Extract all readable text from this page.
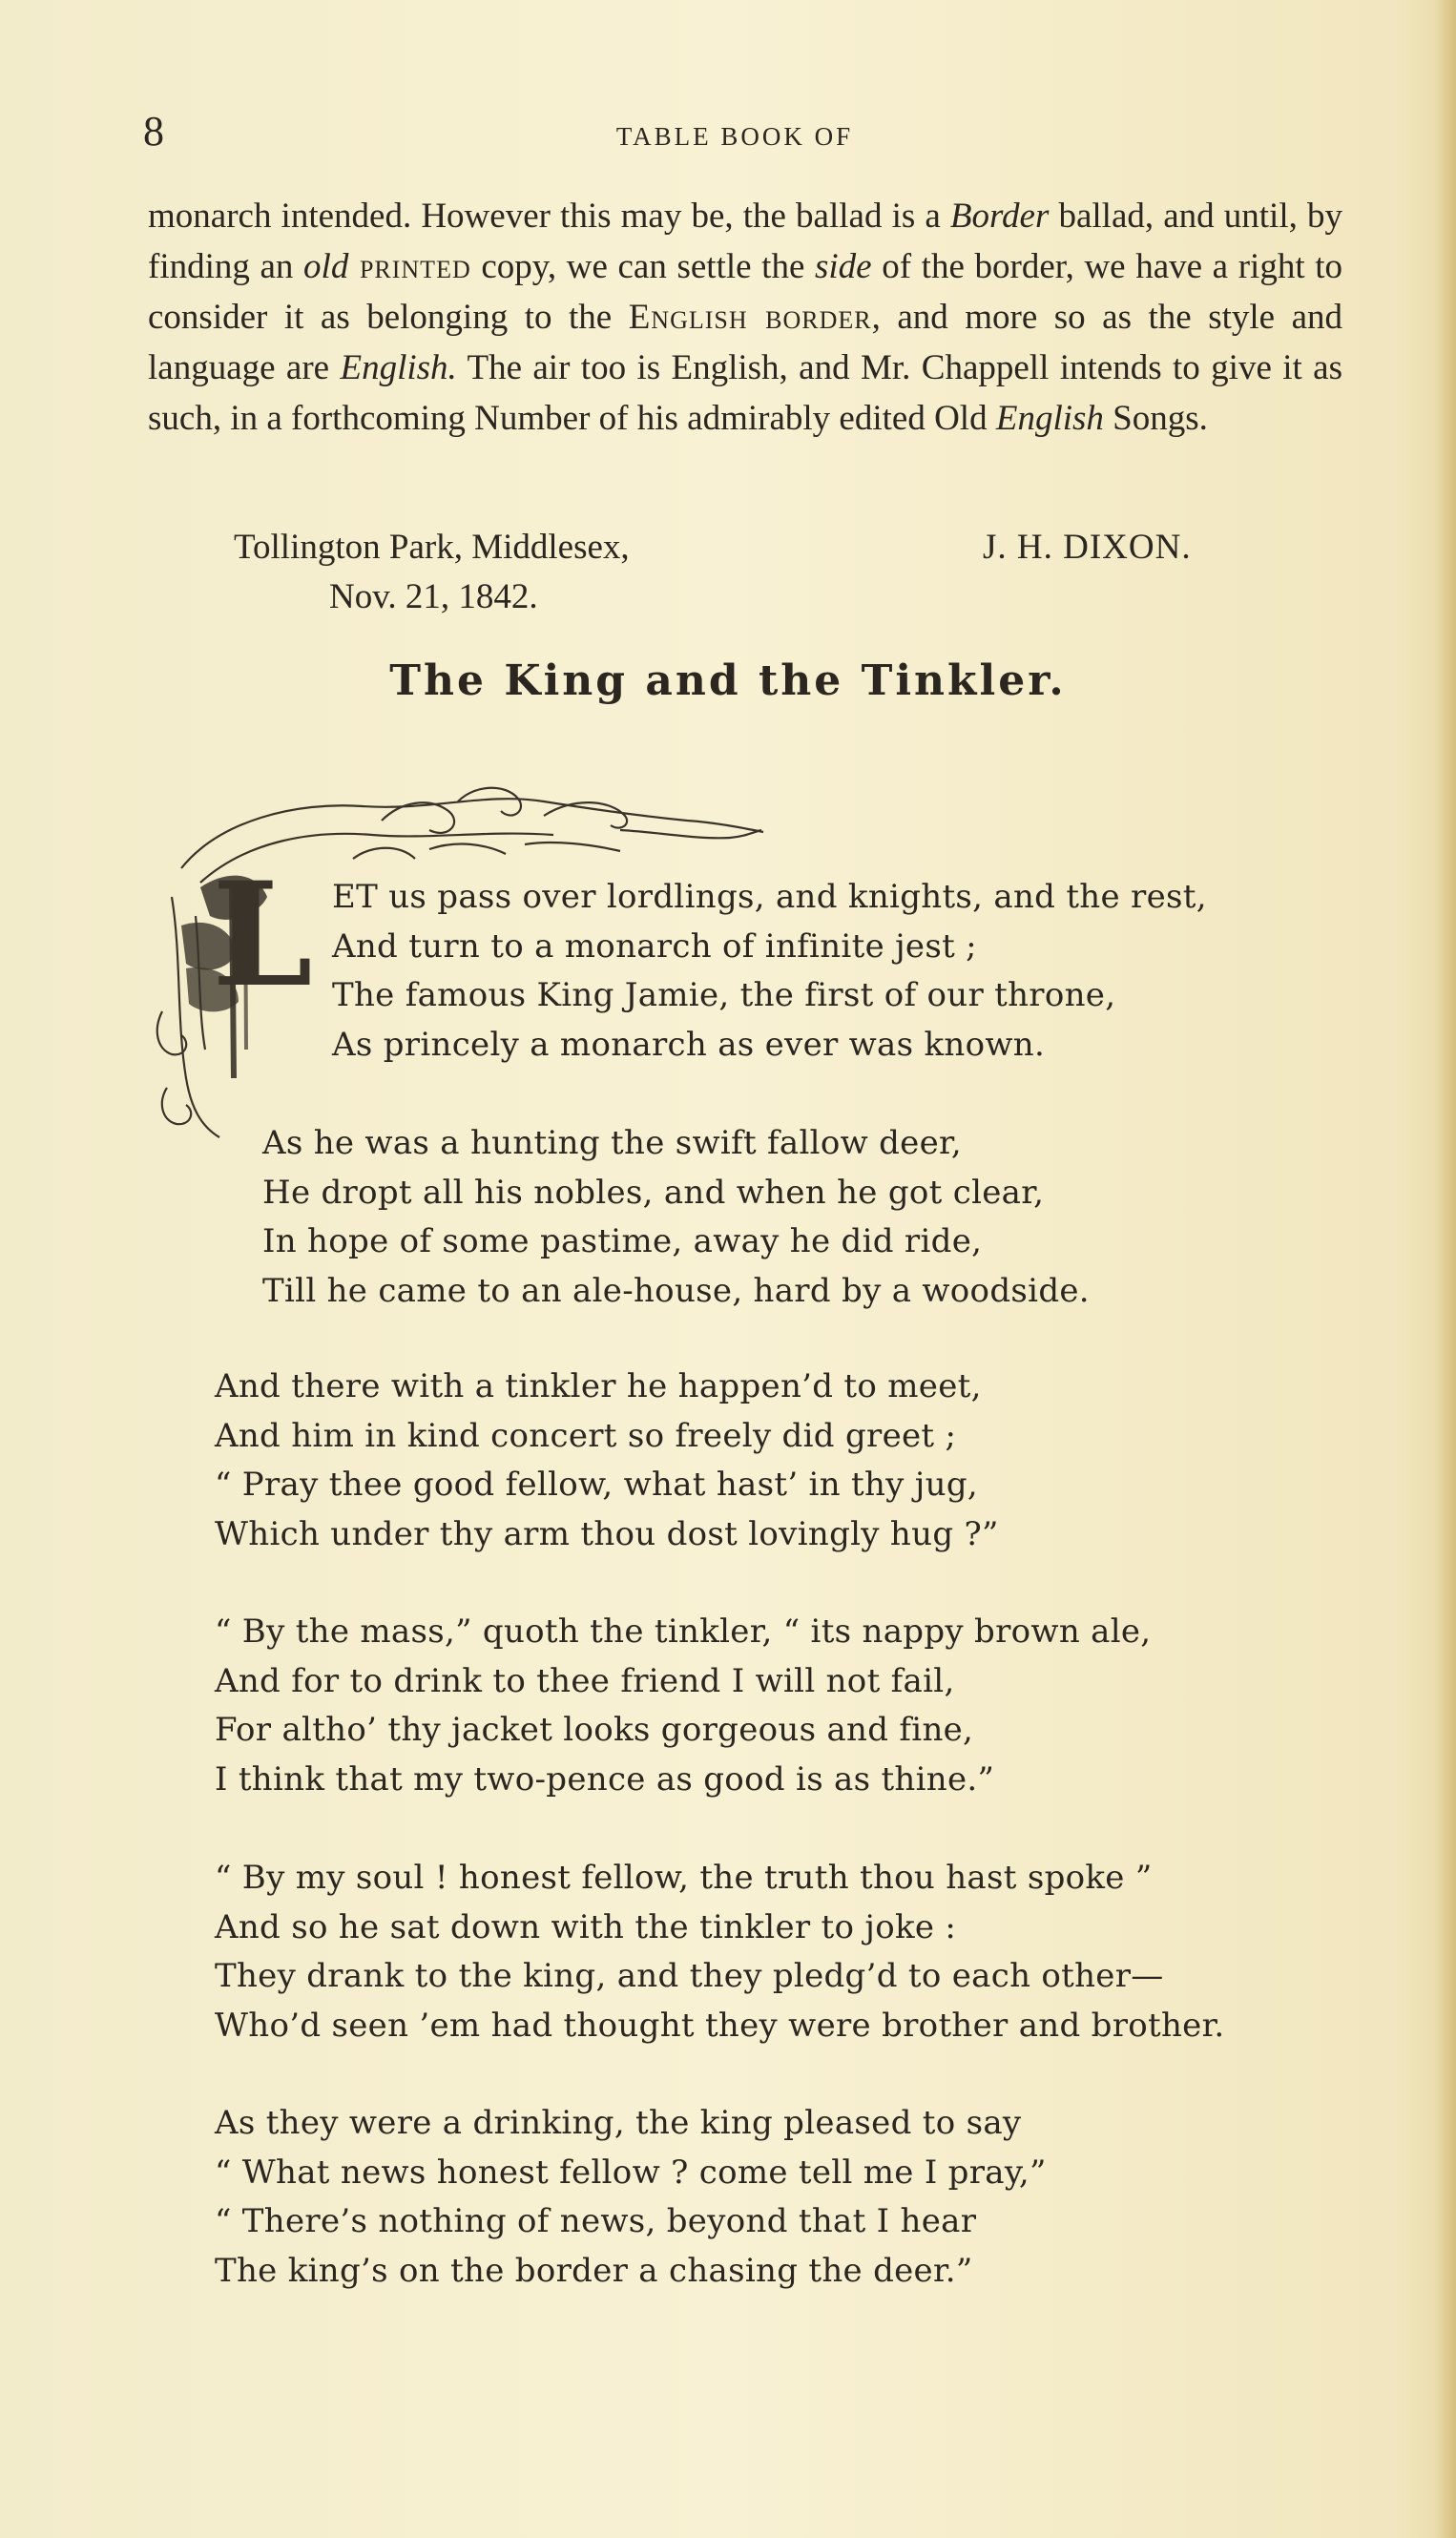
8	TABLE BOOK OF

monarch intended. However this may be, the ballad is a Border ballad, and until, by finding an old printed copy, we can settle the side of the border, we have a right to consider it as belonging to the English border, and more so as the style and language are English. The air too is English, and Mr. Chappell intends to give it as such, in a forthcoming Number of his admirably edited Old English Songs.

Tollington Park, Middlesex,	J. H. DIXON.
Nov. 21, 1842.
The King and the Tinkler.
L ET us pass over lordlings, and knights, and the rest,
And turn to a monarch of infinite jest ;
The famous King Jamie, the first of our throne,
As princely a monarch as ever was known.
As he was a hunting the swift fallow deer,
He dropt all his nobles, and when he got clear,
In hope of some pastime, away he did ride,
Till he came to an ale-house, hard by a woodside.
And there with a tinkler he happen’d to meet,
And him in kind concert so freely did greet ;
“ Pray thee good fellow, what hast’ in thy jug,
Which under thy arm thou dost lovingly hug ?”
“ By the mass,” quoth the tinkler, “ its nappy brown ale,
And for to drink to thee friend I will not fail,
For altho’ thy jacket looks gorgeous and fine,
I think that my two-pence as good is as thine.”
“ By my soul ! honest fellow, the truth thou hast spoke ”
And so he sat down with the tinkler to joke :
They drank to the king, and they pledg’d to each other—
Who’d seen ’em had thought they were brother and brother.
As they were a drinking, the king pleased to say
“ What news honest fellow ? come tell me I pray,”
“ There’s nothing of news, beyond that I hear
The king’s on the border a chasing the deer.”
